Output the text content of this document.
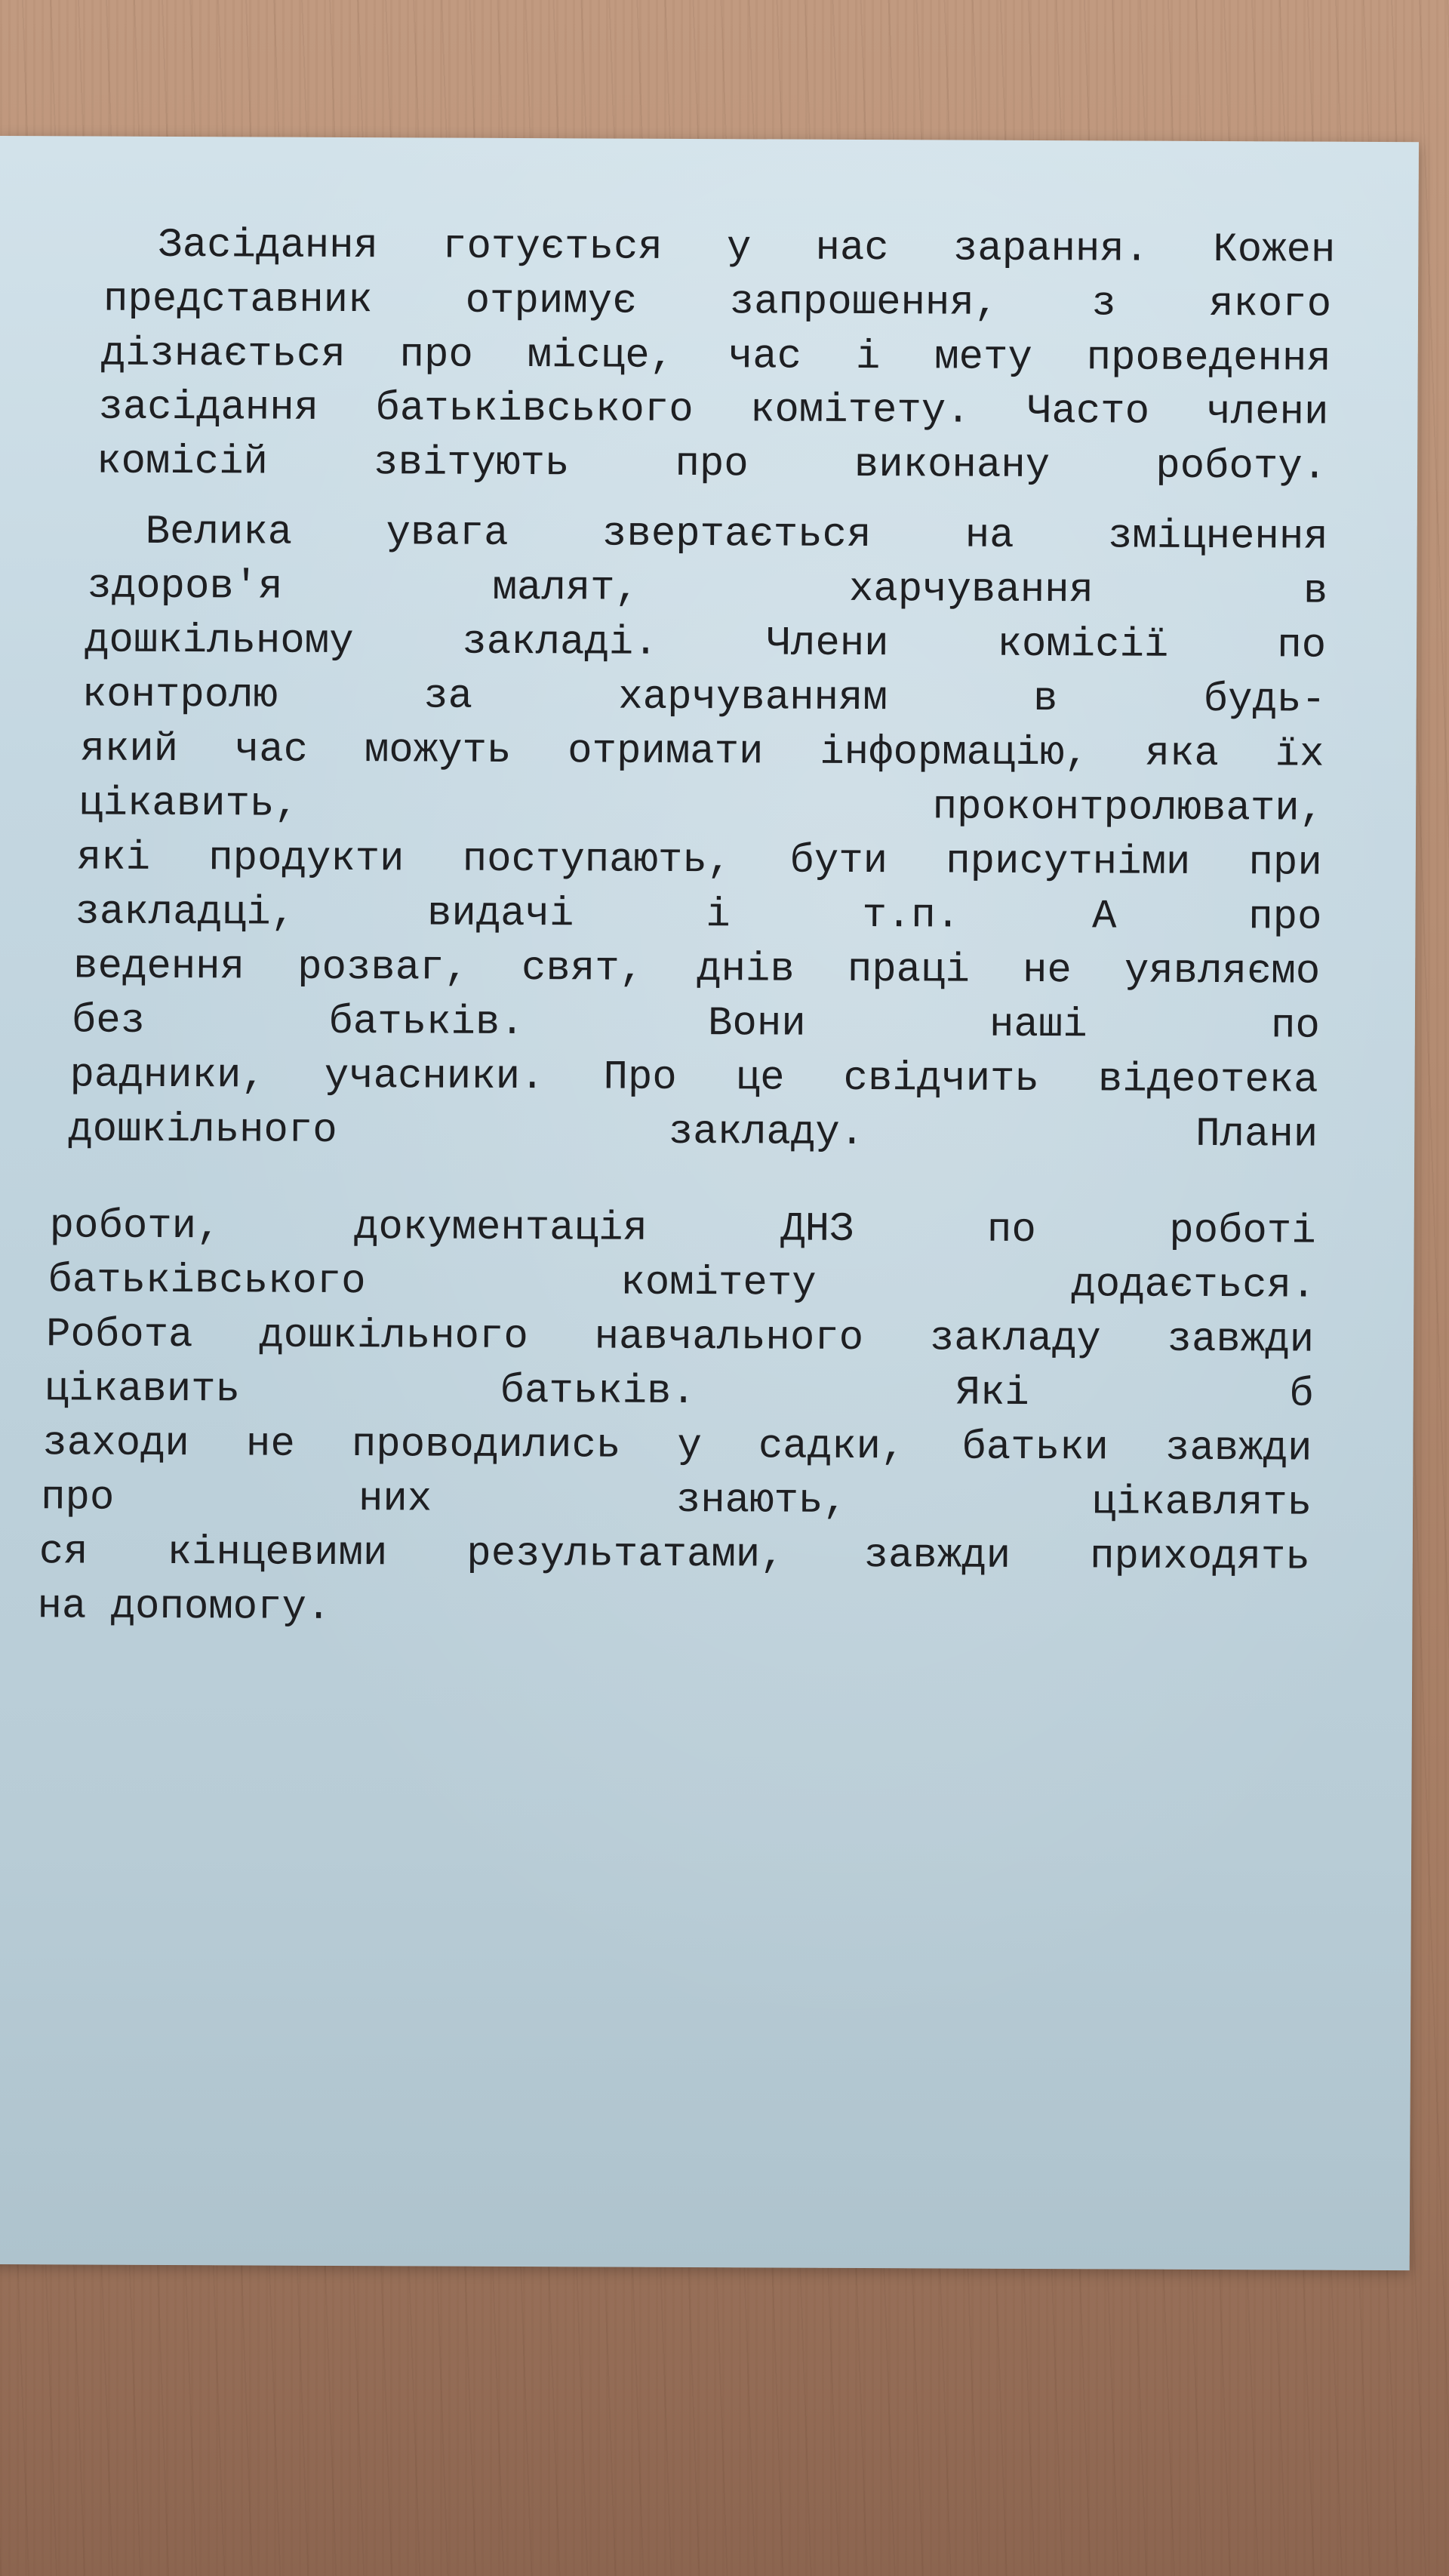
Засідання готується у нас зарання. Кожен
представник отримує запрошення, з якого
дізнається про місце, час і мету проведення
засідання батьківського комітету. Часто члени
комісій звітують про виконану роботу.
Велика увага звертається на зміцнення
здоров'я малят, харчування в
дошкільному закладі. Члени комісії по
контролю за харчуванням в будь-
який час можуть отримати інформацію, яка їх
цікавить, проконтролювати,
які продукти поступають, бути присутніми при
закладці, видачі і т.п. А про
ведення розваг, свят, днів праці не уявляємо
без батьків. Вони наші по
радники, учасники. Про це свідчить відеотека
дошкільного закладу. Плани
роботи, документація ДНЗ по роботі
батьківського комітету додається.
Робота дошкільного навчального закладу завжди
цікавить батьків. Які б
заходи не проводились у садки, батьки завжди
про них знають, цікавлять
ся кінцевими результатами, завжди приходять
на допомогу.
